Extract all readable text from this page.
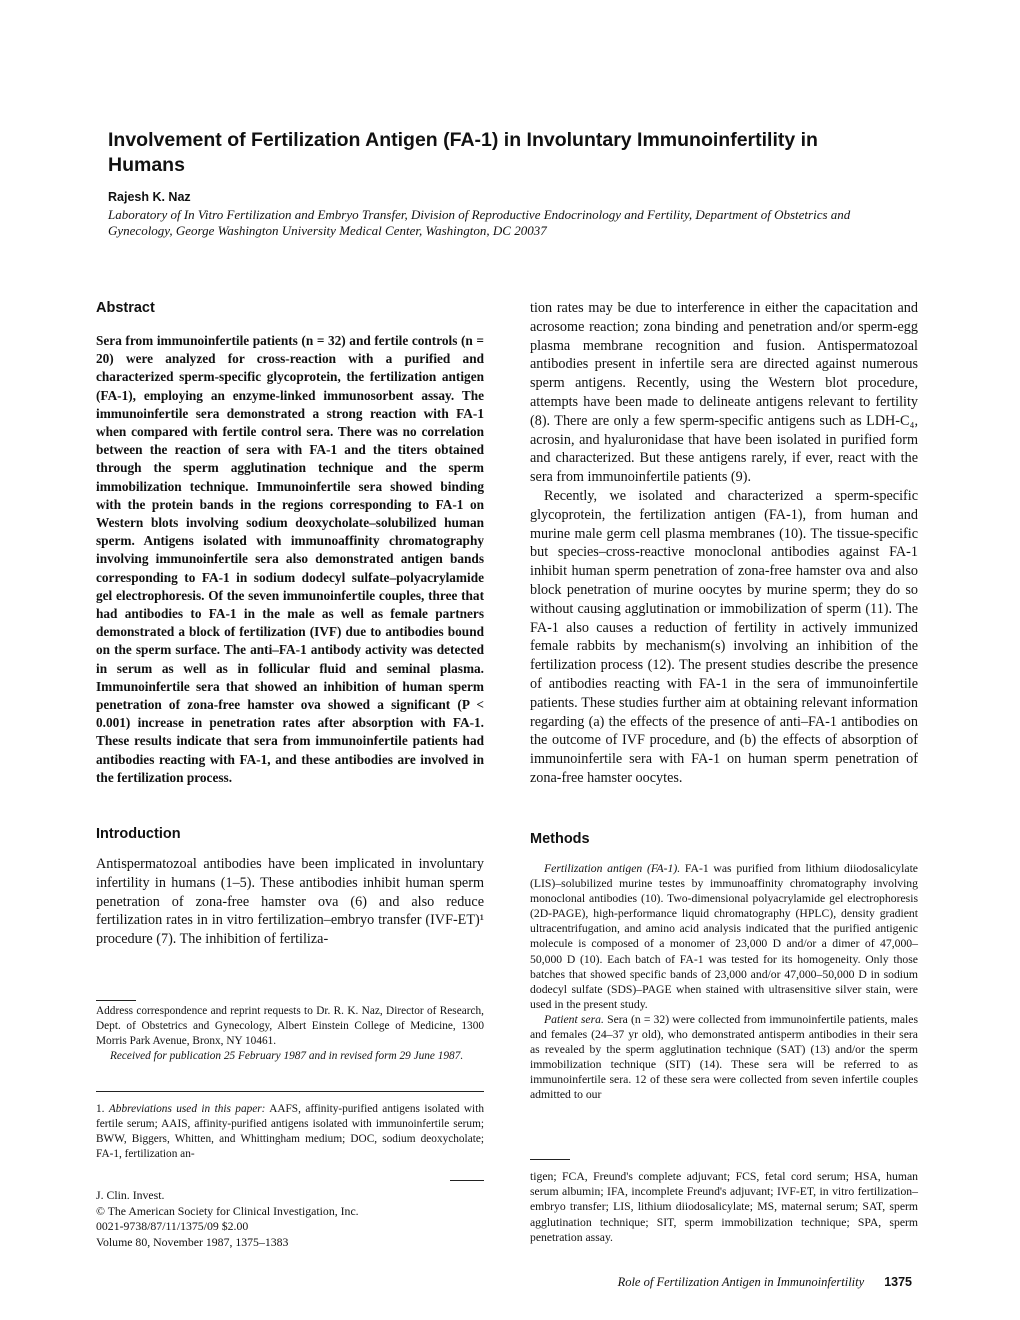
Involvement of Fertilization Antigen (FA-1) in Involuntary Immunoinfertility in Humans
Rajesh K. Naz
Laboratory of In Vitro Fertilization and Embryo Transfer, Division of Reproductive Endocrinology and Fertility, Department of Obstetrics and Gynecology, George Washington University Medical Center, Washington, DC 20037
Abstract

Sera from immunoinfertile patients (n = 32) and fertile controls (n = 20) were analyzed for cross-reaction with a purified and characterized sperm-specific glycoprotein, the fertilization antigen (FA-1), employing an enzyme-linked immunosorbent assay. The immunoinfertile sera demonstrated a strong reaction with FA-1 when compared with fertile control sera. There was no correlation between the reaction of sera with FA-1 and the titers obtained through the sperm agglutination technique and the sperm immobilization technique. Immunoinfertile sera showed binding with the protein bands in the regions corresponding to FA-1 on Western blots involving sodium deoxycholate–solubilized human sperm. Antigens isolated with immunoaffinity chromatography involving immunoinfertile sera also demonstrated antigen bands corresponding to FA-1 in sodium dodecyl sulfate–polyacrylamide gel electrophoresis. Of the seven immunoinfertile couples, three that had antibodies to FA-1 in the male as well as female partners demonstrated a block of fertilization (IVF) due to antibodies bound on the sperm surface. The anti–FA-1 antibody activity was detected in serum as well as in follicular fluid and seminal plasma. Immunoinfertile sera that showed an inhibition of human sperm penetration of zona-free hamster ova showed a significant (P < 0.001) increase in penetration rates after absorption with FA-1. These results indicate that sera from immunoinfertile patients had antibodies reacting with FA-1, and these antibodies are involved in the fertilization process.

Introduction

Antispermatozoal antibodies have been implicated in involuntary infertility in humans (1–5). These antibodies inhibit human sperm penetration of zona-free hamster ova (6) and also reduce fertilization rates in in vitro fertilization–embryo transfer (IVF-ET)¹ procedure (7). The inhibition of fertiliza-

Address correspondence and reprint requests to Dr. R. K. Naz, Director of Research, Dept. of Obstetrics and Gynecology, Albert Einstein College of Medicine, 1300 Morris Park Avenue, Bronx, NY 10461.

Received for publication 25 February 1987 and in revised form 29 June 1987.

1. Abbreviations used in this paper: AAFS, affinity-purified antigens isolated with fertile serum; AAIS, affinity-purified antigens isolated with immunoinfertile serum; BWW, Biggers, Whitten, and Whittingham medium; DOC, sodium deoxycholate; FA-1, fertilization an-

J. Clin. Invest.
© The American Society for Clinical Investigation, Inc.
0021-9738/87/11/1375/09 $2.00
Volume 80, November 1987, 1375–1383

tion rates may be due to interference in either the capacitation and acrosome reaction; zona binding and penetration and/or sperm-egg plasma membrane recognition and fusion. Antispermatozoal antibodies present in infertile sera are directed against numerous sperm antigens. Recently, using the Western blot procedure, attempts have been made to delineate antigens relevant to fertility (8). There are only a few sperm-specific antigens such as LDH-C₄, acrosin, and hyaluronidase that have been isolated in purified form and characterized. But these antigens rarely, if ever, react with the sera from immunoinfertile patients (9).

Recently, we isolated and characterized a sperm-specific glycoprotein, the fertilization antigen (FA-1), from human and murine male germ cell plasma membranes (10). The tissue-specific but species–cross-reactive monoclonal antibodies against FA-1 inhibit human sperm penetration of zona-free hamster ova and also block penetration of murine oocytes by murine sperm; they do so without causing agglutination or immobilization of sperm (11). The FA-1 also causes a reduction of fertility in actively immunized female rabbits by mechanism(s) involving an inhibition of the fertilization process (12). The present studies describe the presence of antibodies reacting with FA-1 in the sera of immunoinfertile patients. These studies further aim at obtaining relevant information regarding (a) the effects of the presence of anti–FA-1 antibodies on the outcome of IVF procedure, and (b) the effects of absorption of immunoinfertile sera with FA-1 on human sperm penetration of zona-free hamster oocytes.

Methods

Fertilization antigen (FA-1). FA-1 was purified from lithium diiodosalicylate (LIS)–solubilized murine testes by immunoaffinity chromatography involving monoclonal antibodies (10). Two-dimensional polyacrylamide gel electrophoresis (2D-PAGE), high-performance liquid chromatography (HPLC), density gradient ultracentrifugation, and amino acid analysis indicated that the purified antigenic molecule is composed of a monomer of 23,000 D and/or a dimer of 47,000–50,000 D (10). Each batch of FA-1 was tested for its homogeneity. Only those batches that showed specific bands of 23,000 and/or 47,000–50,000 D in sodium dodecyl sulfate (SDS)–PAGE when stained with ultrasensitive silver stain, were used in the present study.

Patient sera. Sera (n = 32) were collected from immunoinfertile patients, males and females (24–37 yr old), who demonstrated antisperm antibodies in their sera as revealed by the sperm agglutination technique (SAT) (13) and/or the sperm immobilization technique (SIT) (14). These sera will be referred to as immunoinfertile sera. 12 of these sera were collected from seven infertile couples admitted to our

tigen; FCA, Freund's complete adjuvant; FCS, fetal cord serum; HSA, human serum albumin; IFA, incomplete Freund's adjuvant; IVF-ET, in vitro fertilization–embryo transfer; LIS, lithium diiodosalicylate; MS, maternal serum; SAT, sperm agglutination technique; SIT, sperm immobilization technique; SPA, sperm penetration assay.

Role of Fertilization Antigen in Immunoinfertility 1375
